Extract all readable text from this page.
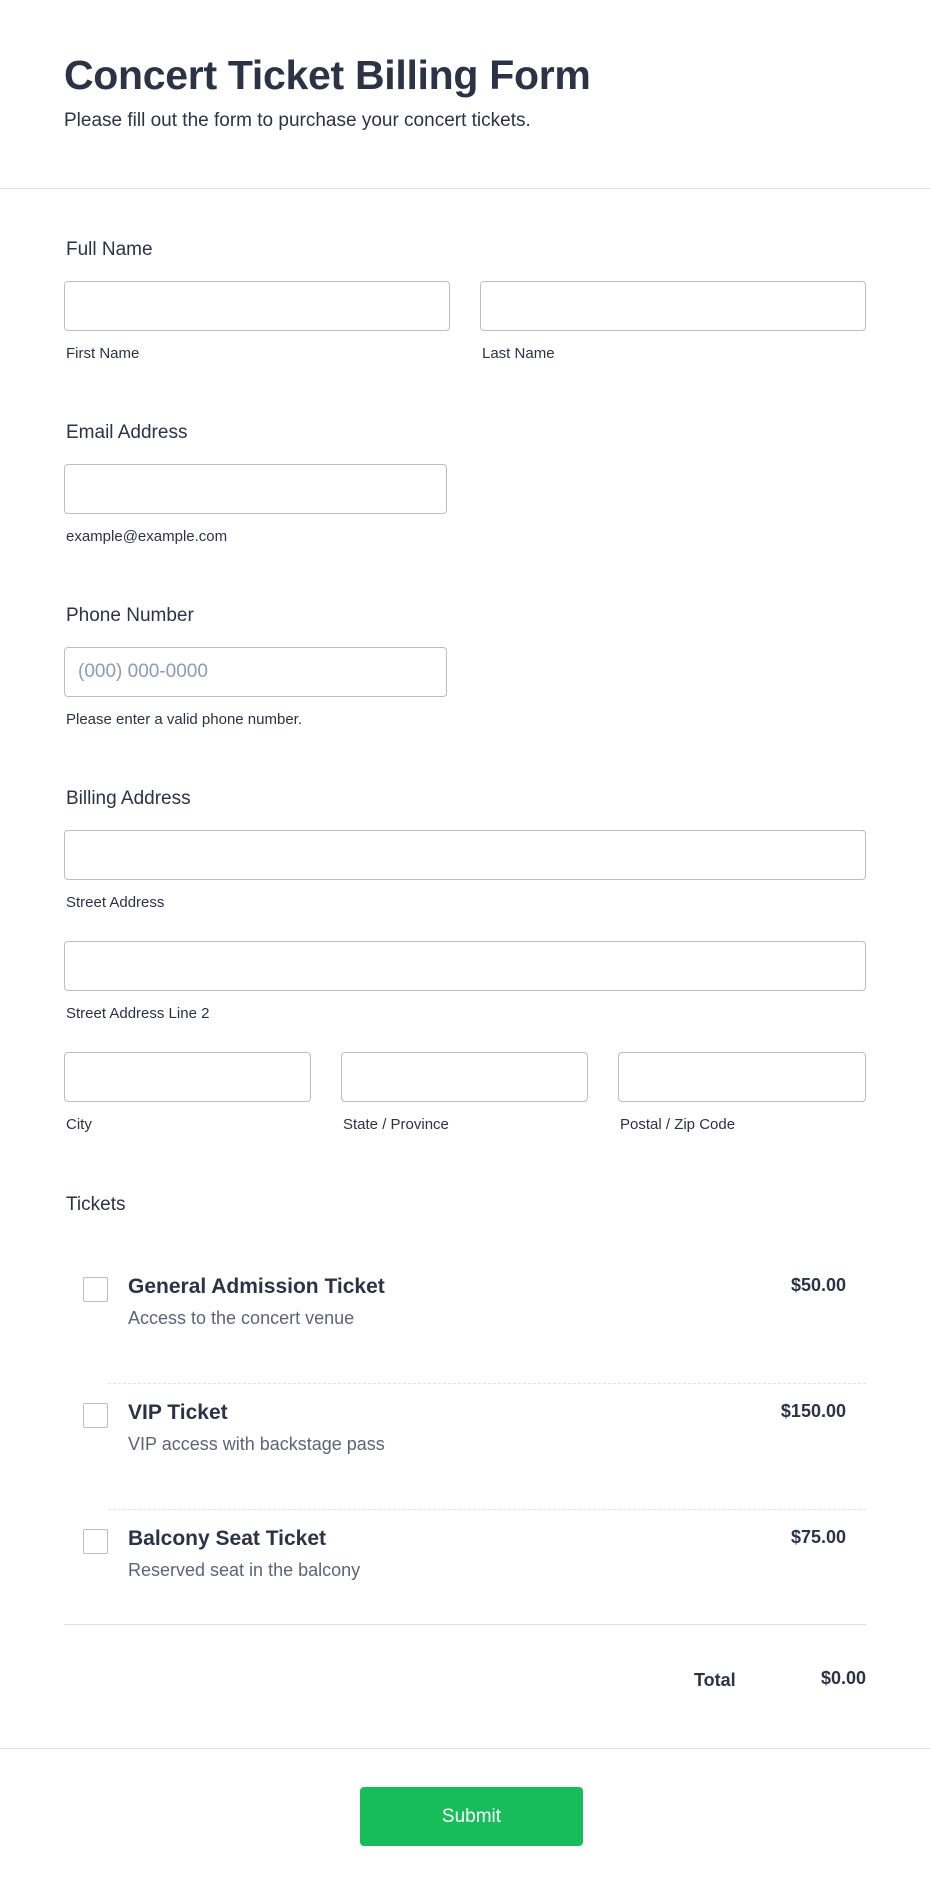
Concert Ticket Billing Form
Please fill out the form to purchase your concert tickets.
Full Name
First Name	Last Name
Email Address
example@example.com
Phone Number
(000) 000-0000
Please enter a valid phone number.
Billing Address
Street Address
Street Address Line 2
City	State / Province	Postal / Zip Code
Tickets
General Admission Ticket
Access to the concert venue
$50.00
VIP Ticket
VIP access with backstage pass
$150.00
Balcony Seat Ticket
Reserved seat in the balcony
$75.00
Total	$0.00
Submit
